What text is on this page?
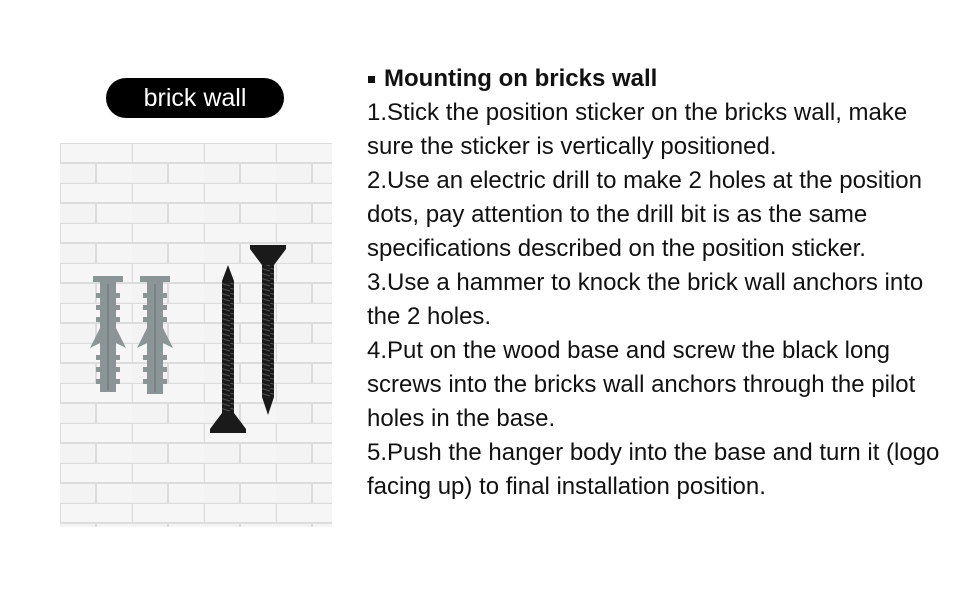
brick wall
Mounting on bricks wall

1.Stick the position sticker on the bricks wall, make sure the sticker is vertically positioned.

2.Use an electric drill to make 2 holes at the position dots, pay attention to the drill bit is as the same specifications described on the position sticker.

3.Use a hammer to knock the brick wall anchors into the 2 holes.

4.Put on the wood base and screw the black long screws into the bricks wall anchors through the pilot holes in the base.

5.Push the hanger body into the base and turn it (logo facing up) to final installation position.
